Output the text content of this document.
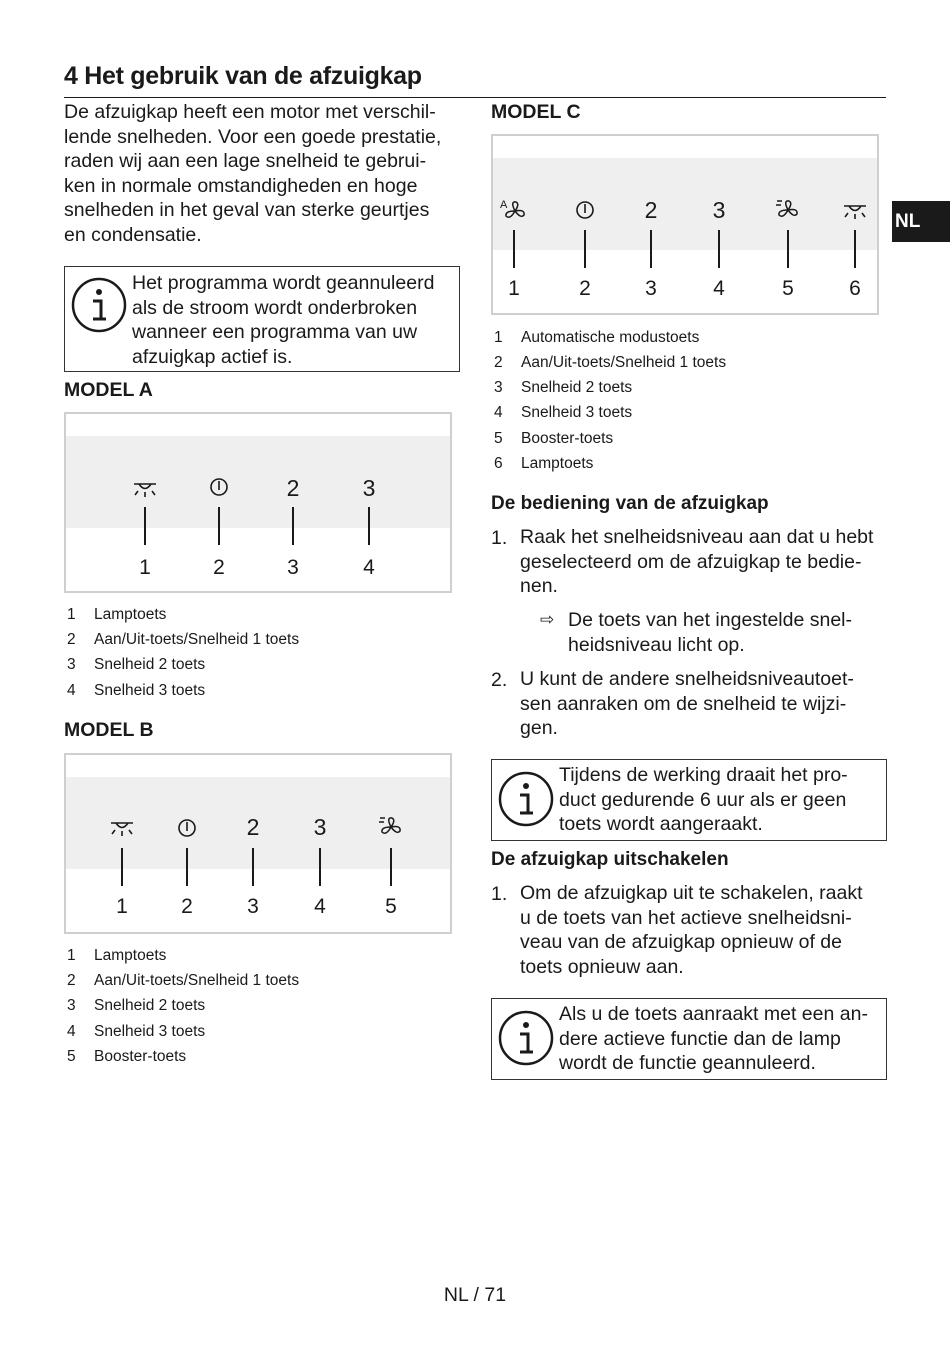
4 Het gebruik van de afzuigkap
De afzuigkap heeft een motor met verschil-
lende snelheden. Voor een goede prestatie,
raden wij aan een lage snelheid te gebrui-
ken in normale omstandigheden en hoge
snelheden in het geval van sterke geurtjes
en condensatie.
Het programma wordt geannuleerd
als de stroom wordt onderbroken
wanneer een programma van uw
afzuigkap actief is.
MODEL A
2	3
1	2	3	4
1 Lamptoets
2 Aan/Uit-toets/Snelheid 1 toets
3 Snelheid 2 toets
4 Snelheid 3 toets
MODEL B
2 3
1	2	3	4	5
1 Lamptoets
2 Aan/Uit-toets/Snelheid 1 toets
3 Snelheid 2 toets
4 Snelheid 3 toets
5 Booster-toets
MODEL C
A	2 3
1	2	3	4	5	6
1 Automatische modustoets
2 Aan/Uit-toets/Snelheid 1 toets
3 Snelheid 2 toets
4 Snelheid 3 toets
5 Booster-toets
6 Lamptoets
De bediening van de afzuigkap
1. Raak het snelheidsniveau aan dat u hebt
geselecteerd om de afzuigkap te bedie-
nen.
⇨ De toets van het ingestelde snel-
heidsniveau licht op.
2. U kunt de andere snelheidsniveautoet-
sen aanraken om de snelheid te wijzi-
gen.
Tijdens de werking draait het pro-
duct gedurende 6 uur als er geen
toets wordt aangeraakt.
De afzuigkap uitschakelen
1. Om de afzuigkap uit te schakelen, raakt
u de toets van het actieve snelheidsni-
veau van de afzuigkap opnieuw of de
toets opnieuw aan.
Als u de toets aanraakt met een an-
dere actieve functie dan de lamp
wordt de functie geannuleerd.
NL
NL / 71
